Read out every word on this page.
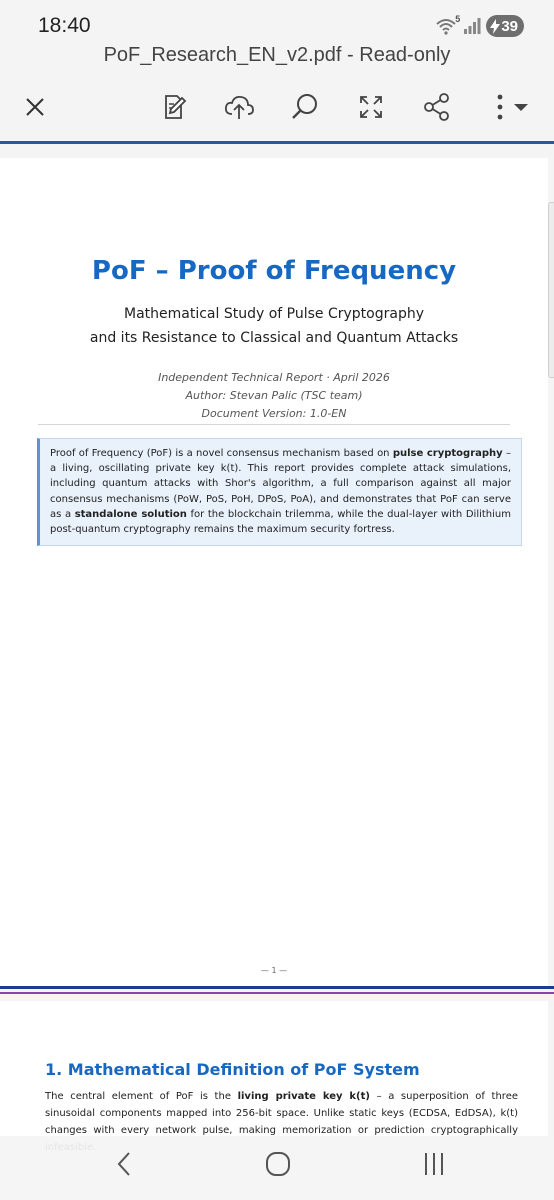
18:40	5	39
PoF_Research_EN_v2.pdf - Read-only
PoF – Proof of Frequency
Mathematical Study of Pulse Cryptography
and its Resistance to Classical and Quantum Attacks
Independent Technical Report · April 2026
Author: Stevan Palic (TSC team)
Document Version: 1.0-EN
Proof of Frequency (PoF) is a novel consensus mechanism based on pulse cryptography – a living, oscillating private key k(t). This report provides complete attack simulations, including quantum attacks with Shor's algorithm, a full comparison against all major consensus mechanisms (PoW, PoS, PoH, DPoS, PoA), and demonstrates that PoF can serve as a standalone solution for the blockchain trilemma, while the dual-layer with Dilithium post-quantum cryptography remains the maximum security fortress.
— 1 —
1. Mathematical Definition of PoF System
The central element of PoF is the living private key k(t) – a superposition of three sinusoidal components mapped into 256-bit space. Unlike static keys (ECDSA, EdDSA), k(t) changes with every network pulse, making memorization or prediction cryptographically
